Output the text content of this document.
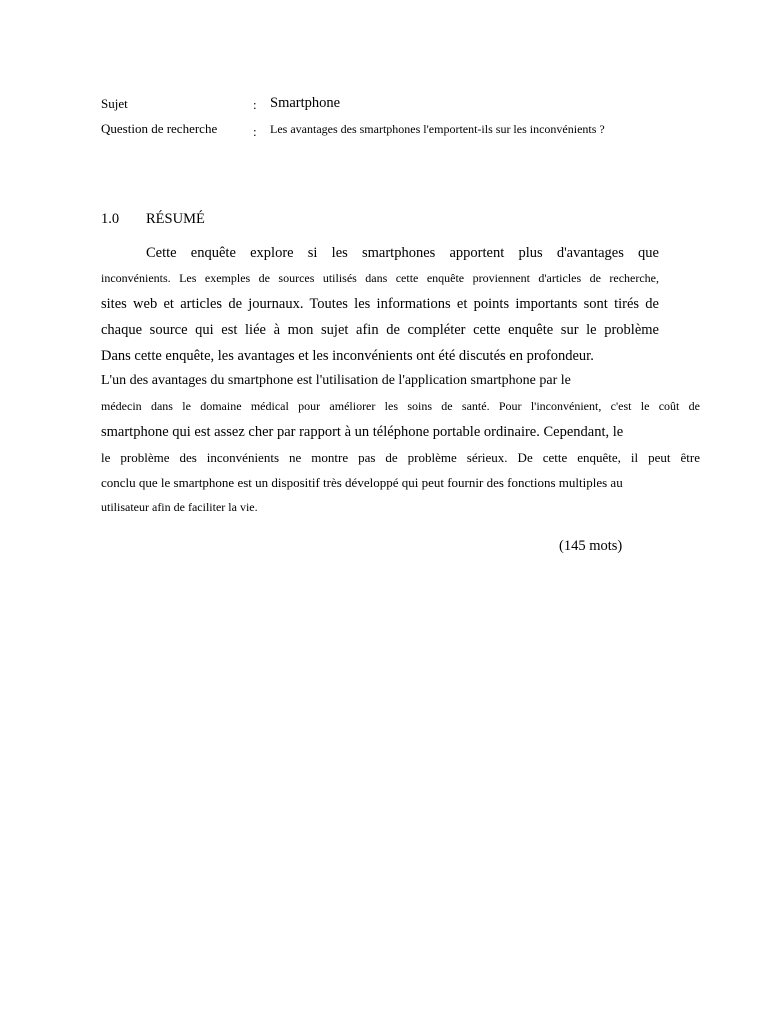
Sujet	: Smartphone
Question de recherche	: Les avantages des smartphones l'emportent-ils sur les inconvénients ?
1.0 RÉSUMÉ
Cette enquête explore si les smartphones apportent plus d'avantages que
inconvénients. Les exemples de sources utilisés dans cette enquête proviennent d'articles de recherche,
sites web et articles de journaux. Toutes les informations et points importants sont tirés de
chaque source qui est liée à mon sujet afin de compléter cette enquête sur le problème
Dans cette enquête, les avantages et les inconvénients ont été discutés en profondeur.
L'un des avantages du smartphone est l'utilisation de l'application smartphone par le
médecin dans le domaine médical pour améliorer les soins de santé. Pour l'inconvénient, c'est le coût de
smartphone qui est assez cher par rapport à un téléphone portable ordinaire. Cependant, le
le problème des inconvénients ne montre pas de problème sérieux. De cette enquête, il peut être
conclu que le smartphone est un dispositif très développé qui peut fournir des fonctions multiples au
utilisateur afin de faciliter la vie.
(145 mots)
